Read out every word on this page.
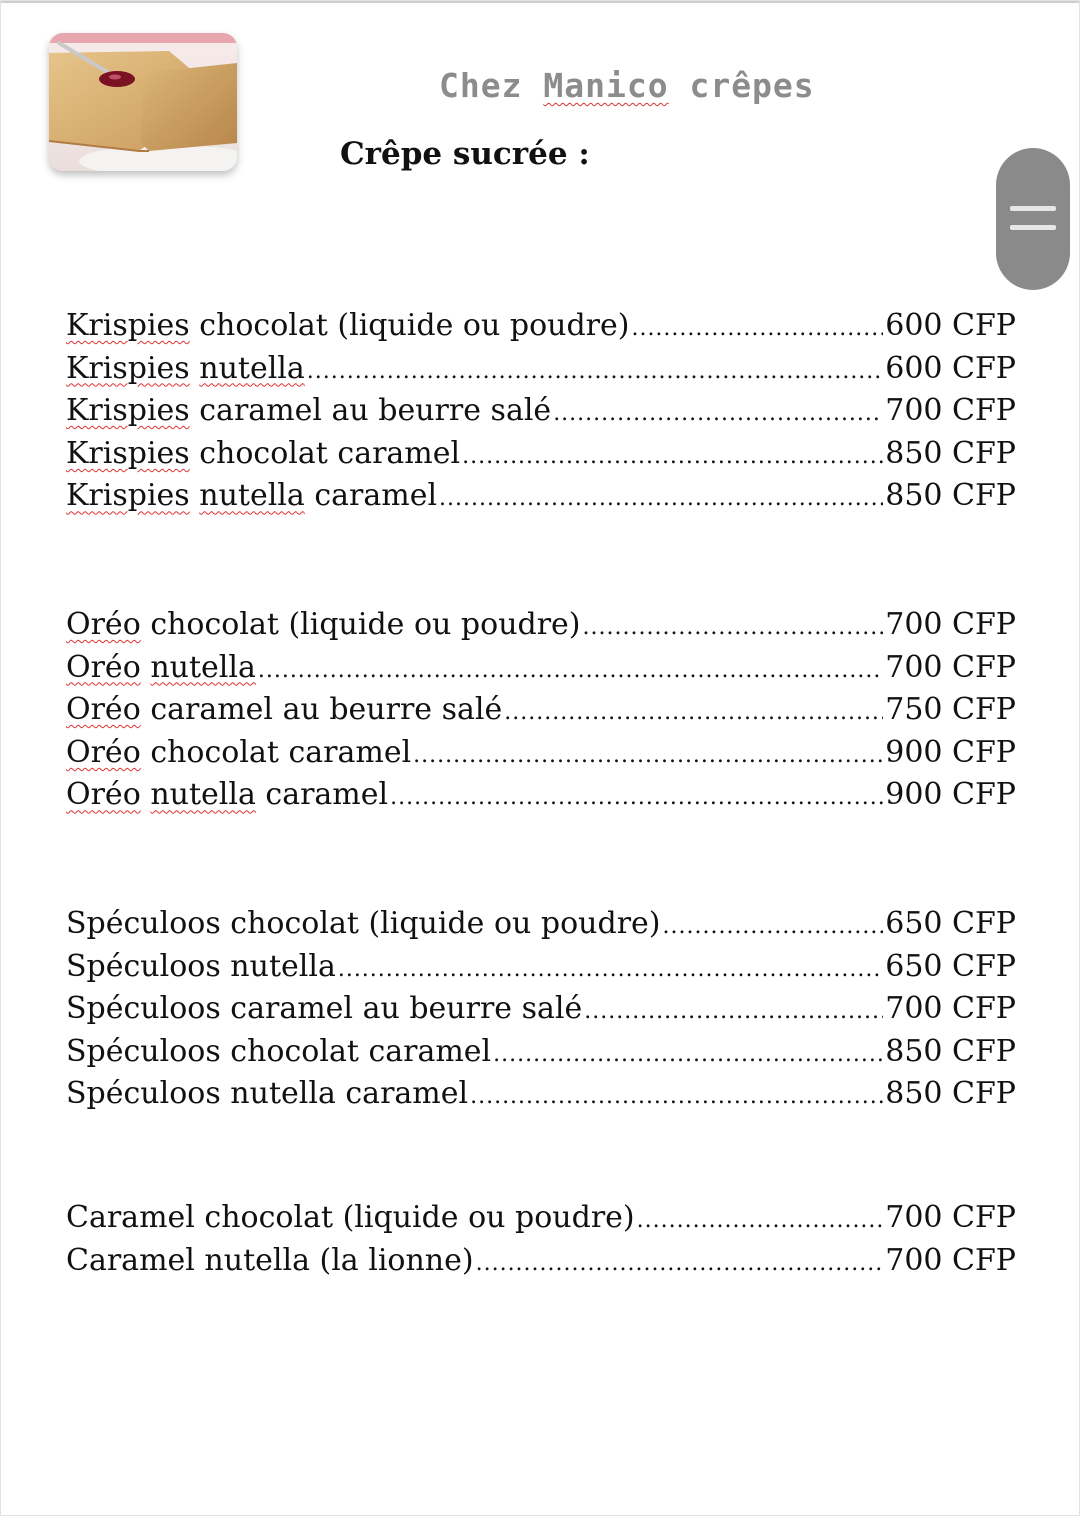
Chez Manico crêpes
Crêpe sucrée :
Krispies chocolat (liquide ou poudre) .....	600 CFP
Krispies nutella .....	600 CFP
Krispies caramel au beurre salé .....	700 CFP
Krispies chocolat caramel .....	850 CFP
Krispies nutella caramel .....	850 CFP
Oréo chocolat (liquide ou poudre) .....	700 CFP
Oréo nutella .....	700 CFP
Oréo caramel au beurre salé .....	750 CFP
Oréo chocolat caramel .....	900 CFP
Oréo nutella caramel .....	900 CFP
Spéculoos chocolat (liquide ou poudre) .....	650 CFP
Spéculoos nutella .....	650 CFP
Spéculoos caramel au beurre salé .....	700 CFP
Spéculoos chocolat caramel .....	850 CFP
Spéculoos nutella caramel .....	850 CFP
Caramel chocolat (liquide ou poudre) .....	700 CFP
Caramel nutella (la lionne) .....	700 CFP
